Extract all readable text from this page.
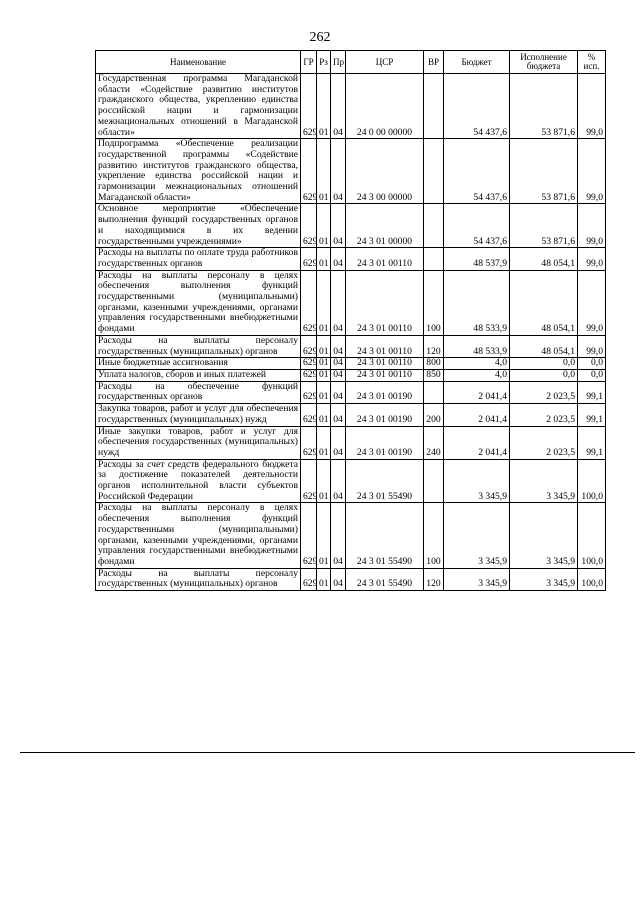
262
Наименование	ГР	Рз	Пр	ЦСР	ВР	Бюджет	Исполнение бюджета	% исп.
Государственная программа Магаданской области «Содействие развитию институтов гражданского общества, укреплению единства российской нации и гармонизации межнациональных отношений в Магаданской области»	629	01	04	24 0 00 00000		54 437,6	53 871,6	99,0
Подпрограмма «Обеспечение реализации государственной программы «Содействие развитию институтов гражданского общества, укрепление единства российской нации и гармонизации межнациональных отношений Магаданской области»	629	01	04	24 3 00 00000		54 437,6	53 871,6	99,0
Основное мероприятие «Обеспечение выполнения функций государственных органов и находящимися в их ведении государственными учреждениями»	629	01	04	24 3 01 00000		54 437,6	53 871,6	99,0
Расходы на выплаты по оплате труда работников государственных органов	629	01	04	24 3 01 00110		48 537,9	48 054,1	99,0
Расходы на выплаты персоналу в целях обеспечения выполнения функций государственными (муниципальными) органами, казенными учреждениями, органами управления государственными внебюджетными фондами	629	01	04	24 3 01 00110	100	48 533,9	48 054,1	99,0
Расходы на выплаты персоналу государственных (муниципальных) органов	629	01	04	24 3 01 00110	120	48 533,9	48 054,1	99,0
Иные бюджетные ассигнования	629	01	04	24 3 01 00110	800	4,0	0,0	0,0
Уплата налогов, сборов и иных платежей	629	01	04	24 3 01 00110	850	4,0	0,0	0,0
Расходы на обеспечение функций государственных органов	629	01	04	24 3 01 00190		2 041,4	2 023,5	99,1
Закупка товаров, работ и услуг для обеспечения государственных (муниципальных) нужд	629	01	04	24 3 01 00190	200	2 041,4	2 023,5	99,1
Иные закупки товаров, работ и услуг для обеспечения государственных (муниципальных) нужд	629	01	04	24 3 01 00190	240	2 041,4	2 023,5	99,1
Расходы за счет средств федерального бюджета за достижение показателей деятельности органов исполнительной власти субъектов Российской Федерации	629	01	04	24 3 01 55490		3 345,9	3 345,9	100,0
Расходы на выплаты персоналу в целях обеспечения выполнения функций государственными (муниципальными) органами, казенными учреждениями, органами управления государственными внебюджетными фондами	629	01	04	24 3 01 55490	100	3 345,9	3 345,9	100,0
Расходы на выплаты персоналу государственных (муниципальных) органов	629	01	04	24 3 01 55490	120	3 345,9	3 345,9	100,0
